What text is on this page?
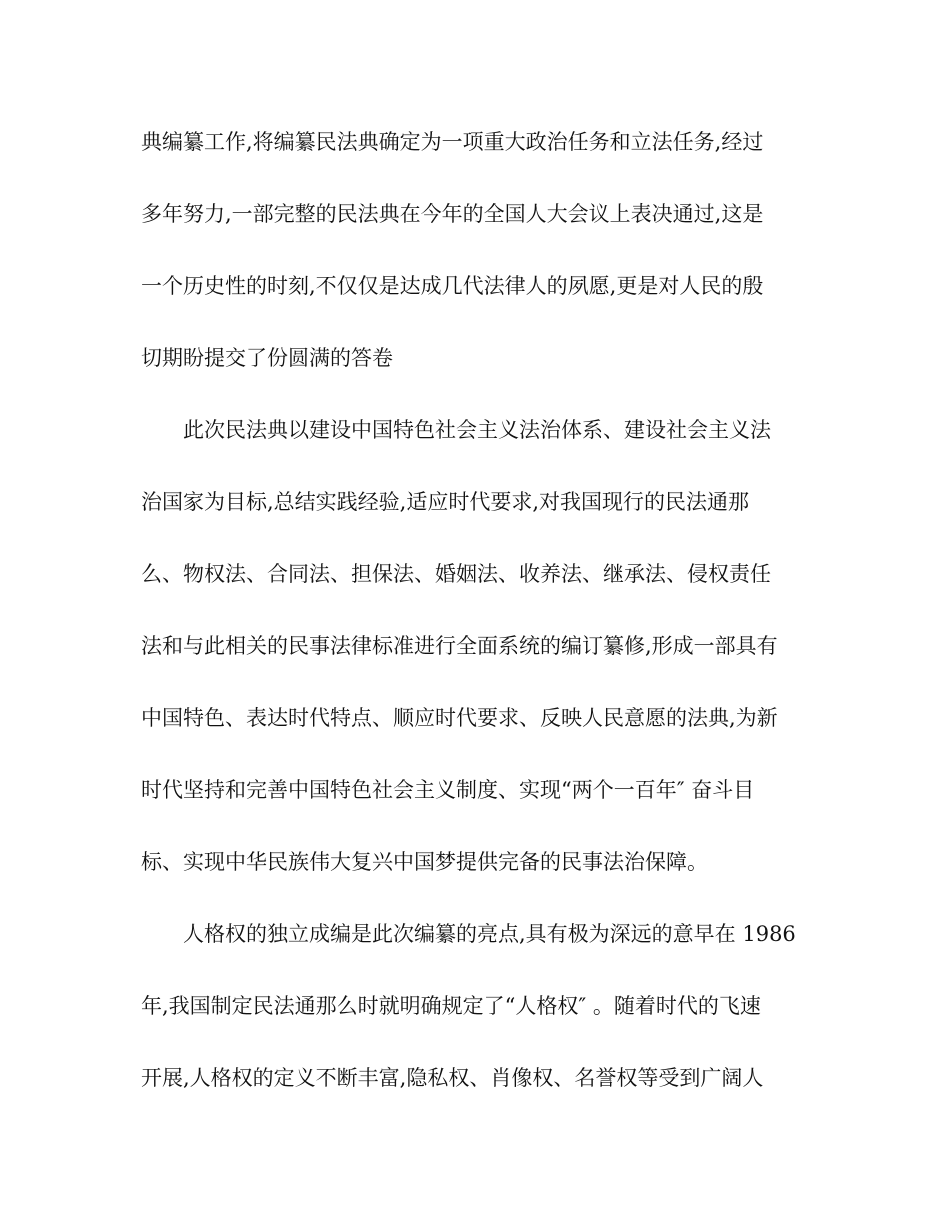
典编纂工作,将编纂民法典确定为一项重大政治任务和立法任务,经过
多年努力,一部完整的民法典在今年的全国人大会议上表决通过,这是
一个历史性的时刻,不仅仅是达成几代法律人的夙愿,更是对人民的殷
切期盼提交了份圆满的答卷
此次民法典以建设中国特色社会主义法治体系、建设社会主义法
治国家为目标,总结实践经验,适应时代要求,对我国现行的民法通那
么、物权法、合同法、担保法、婚姻法、收养法、继承法、侵权责任
法和与此相关的民事法律标准进行全面系统的编订纂修,形成一部具有
中国特色、表达时代特点、顺应时代要求、反映人民意愿的法典,为新
时代坚持和完善中国特色社会主义制度、实现“两个一百年″ 奋斗目
标、实现中华民族伟大复兴中国梦提供完备的民事法治保障。
人格权的独立成编是此次编纂的亮点,具有极为深远的意早在 1986
年,我国制定民法通那么时就明确规定了“人格权″ 。随着时代的飞速
开展,人格权的定义不断丰富,隐私权、肖像权、名誉权等受到广阔人
